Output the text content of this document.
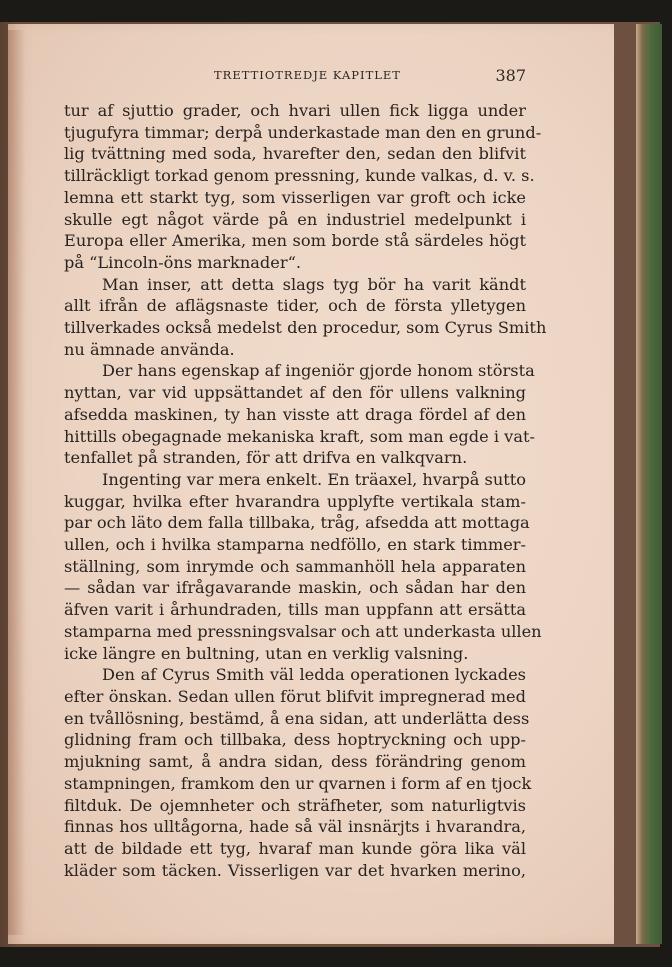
TRETTIOTREDJE KAPITLET	387
tur af sjuttio grader, och hvari ullen fick ligga under
tjugufyra timmar; derpå underkastade man den en grund-
lig tvättning med soda, hvarefter den, sedan den blifvit
tillräckligt torkad genom pressning, kunde valkas, d. v. s.
lemna ett starkt tyg, som visserligen var groft och icke
skulle egt något värde på en industriel medelpunkt i
Europa eller Amerika, men som borde stå särdeles högt
på “Lincoln-öns marknader“.
Man inser, att detta slags tyg bör ha varit kändt
allt ifrån de aflägsnaste tider, och de första ylletygen
tillverkades också medelst den procedur, som Cyrus Smith
nu ämnade använda.
Der hans egenskap af ingeniör gjorde honom största
nyttan, var vid uppsättandet af den för ullens valkning
afsedda maskinen, ty han visste att draga fördel af den
hittills obegagnade mekaniska kraft, som man egde i vat-
tenfallet på stranden, för att drifva en valkqvarn.
Ingenting var mera enkelt. En träaxel, hvarpå sutto
kuggar, hvilka efter hvarandra upplyfte vertikala stam-
par och läto dem falla tillbaka, tråg, afsedda att mottaga
ullen, och i hvilka stamparna nedföllo, en stark timmer-
ställning, som inrymde och sammanhöll hela apparaten
— sådan var ifrågavarande maskin, och sådan har den
äfven varit i århundraden, tills man uppfann att ersätta
stamparna med pressningsvalsar och att underkasta ullen
icke längre en bultning, utan en verklig valsning.
Den af Cyrus Smith väl ledda operationen lyckades
efter önskan. Sedan ullen förut blifvit impregnerad med
en tvållösning, bestämd, å ena sidan, att underlätta dess
glidning fram och tillbaka, dess hoptryckning och upp-
mjukning samt, å andra sidan, dess förändring genom
stampningen, framkom den ur qvarnen i form af en tjock
filtduk. De ojemnheter och sträfheter, som naturligtvis
finnas hos ulltågorna, hade så väl insnärjts i hvarandra,
att de bildade ett tyg, hvaraf man kunde göra lika väl
kläder som täcken. Visserligen var det hvarken merino,
